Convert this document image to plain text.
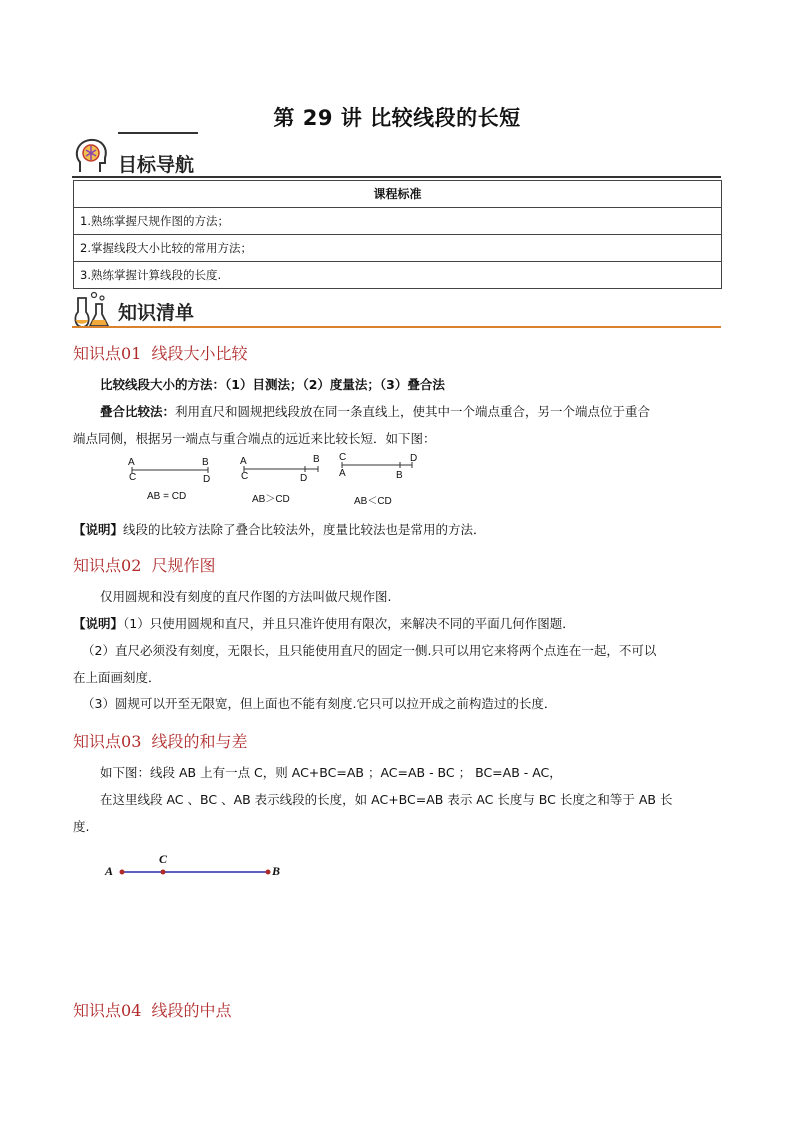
第 29 讲 比较线段的长短
目标导航
课程标准
1.熟练掌握尺规作图的方法；
2.掌握线段大小比较的常用方法；
3.熟练掌握计算线段的长度.
知识清单
知识点01 线段大小比较
比较线段大小的方法：（1）目测法；（2）度量法；（3）叠合法
叠合比较法：利用直尺和圆规把线段放在同一条直线上，使其中一个端点重合，另一个端点位于重合
端点同侧，根据另一端点与重合端点的远近来比较长短．如下图：
A	B
C	D
AB = CD
A	B
C	D
AB＞CD
C	D
A	B
AB＜CD
【说明】线段的比较方法除了叠合比较法外，度量比较法也是常用的方法．
知识点02 尺规作图
仅用圆规和没有刻度的直尺作图的方法叫做尺规作图.
【说明】（1）只使用圆规和直尺，并且只准许使用有限次，来解决不同的平面几何作图题．
（2）直尺必须没有刻度，无限长，且只能使用直尺的固定一侧.只可以用它来将两个点连在一起，不可以
在上面画刻度．
（3）圆规可以开至无限宽，但上面也不能有刻度.它只可以拉开成之前构造过的长度．
知识点03 线段的和与差
如下图：线段 AB 上有一点 C，则 AC+BC=AB ；AC=AB - BC ； BC=AB - AC，
在这里线段 AC 、BC 、AB 表示线段的长度，如 AC+BC=AB 表示 AC 长度与 BC 长度之和等于 AB 长
度.
A
C
B
知识点04 线段的中点
